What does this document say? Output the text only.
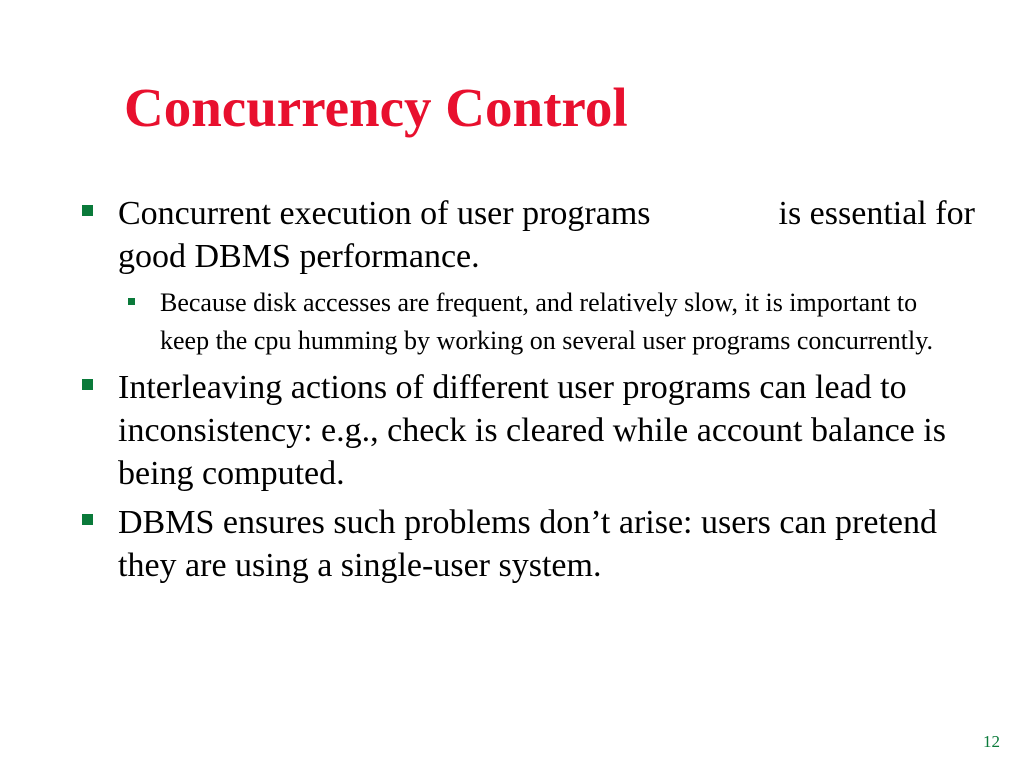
Concurrency Control
Concurrent execution of user programs	is essential for good DBMS performance.
Because disk accesses are frequent, and relatively slow, it is important to keep the cpu humming by working on several user programs concurrently.
Interleaving actions of different user programs can lead to inconsistency: e.g., check is cleared while account balance is being computed.
DBMS ensures such problems don’t arise: users can pretend they are using a single-user system.
12
